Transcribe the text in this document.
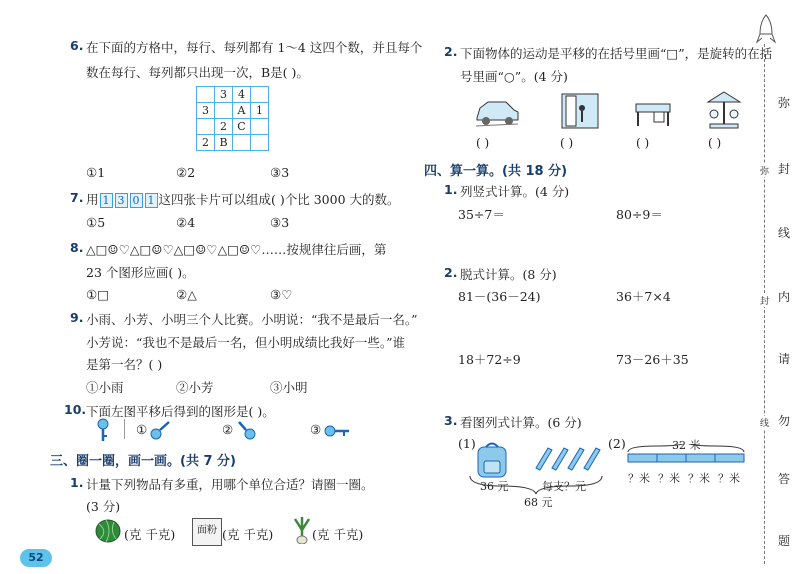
6. 在下面的方格中，每行、每列都有 1～4 这四个数，并且每个
数在每行、每列都只出现一次，B是( )。
	3	4	
3		A	1
	2	C	
2	B		
①1	②2	③3
7. 用 1 3 0 1 这四张卡片可以组成( )个比 3000 大的数。
①5	②4	③3
8. △□☺♡△□☺♡△□☺♡△□☺♡……按规律往后画，第
23 个图形应画( )。
①□	②△	③♡
9. 小雨、小芳、小明三个人比赛。小明说：“我不是最后一名。”
小芳说：“我也不是最后一名，但小明成绩比我好一些。”谁
是第一名？( )
①小雨	②小芳	③小明
10. 下面左图平移后得到的图形是( )。
①	②	③
三、圈一圈，画一画。(共 7 分)
1. 计量下列物品有多重，用哪个单位合适？请圈一圈。
(3 分)
(克 千克)	面粉 (克 千克)	(克 千克)
52
2. 下面物体的运动是平移的在括号里画“□”，是旋转的在括
号里画“○”。(4 分)
( )	( )	( )	( )
四、算一算。(共 18 分)
1. 列竖式计算。(4 分)
35÷7＝	80÷9＝
2. 脱式计算。(8 分)
81－(36－24)	36＋7×4
18＋72÷9	73－26＋35
3. 看图列式计算。(6 分)
(1)
36 元	每支？元
68 元
(2)	32 米
？米 ？米 ？米 ？米
弥
封
线
内
请
勿
答
题
弥
封
线
